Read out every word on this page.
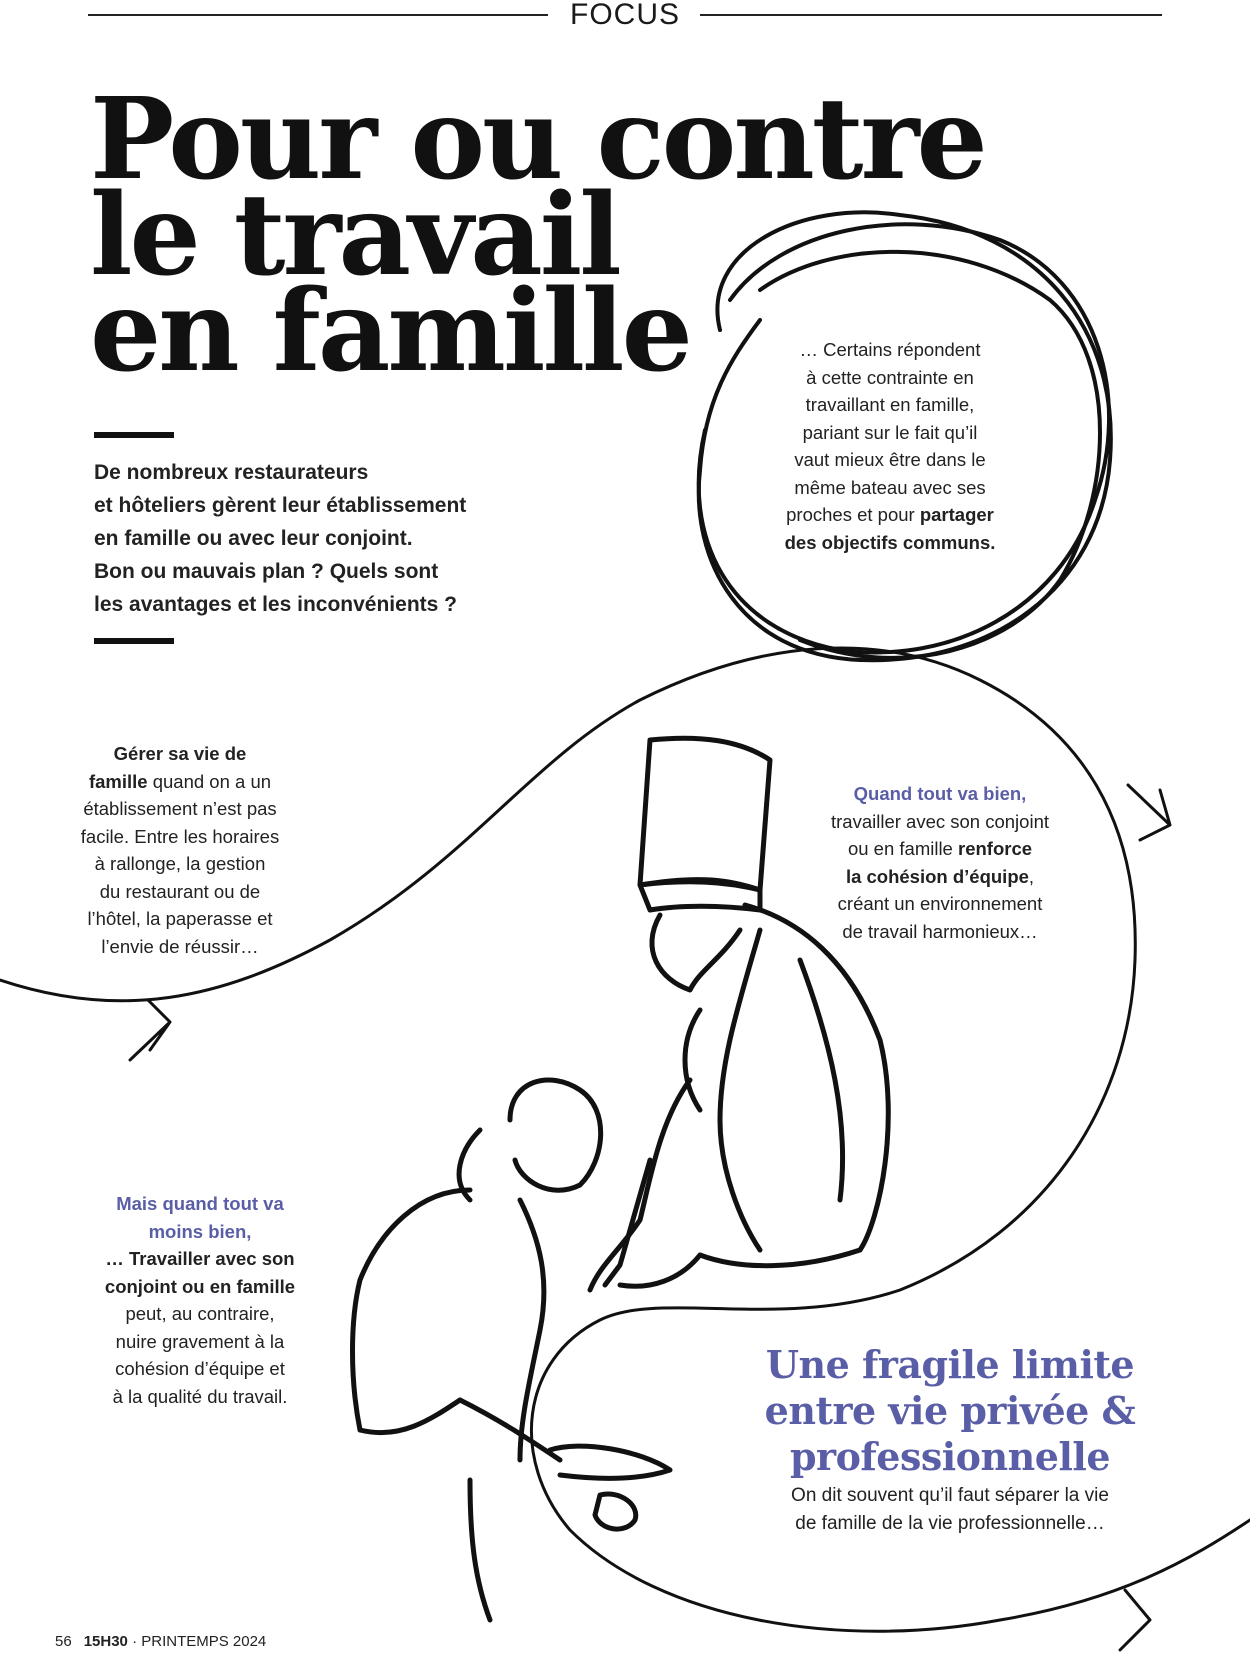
FOCUS
Pour ou contre
le travail
en famille
De nombreux restaurateurs
et hôteliers gèrent leur établissement
en famille ou avec leur conjoint.
Bon ou mauvais plan ? Quels sont
les avantages et les inconvénients ?
… Certains répondent
à cette contrainte en
travaillant en famille,
pariant sur le fait qu’il
vaut mieux être dans le
même bateau avec ses
proches et pour partager
des objectifs communs.
Gérer sa vie de
famille quand on a un
établissement n’est pas
facile. Entre les horaires
à rallonge, la gestion
du restaurant ou de
l’hôtel, la paperasse et
l’envie de réussir…
Quand tout va bien,
travailler avec son conjoint
ou en famille renforce
la cohésion d’équipe,
créant un environnement
de travail harmonieux…
Mais quand tout va
moins bien,
… Travailler avec son
conjoint ou en famille
peut, au contraire,
nuire gravement à la
cohésion d’équipe et
à la qualité du travail.
Une fragile limite
entre vie privée &
professionnelle
On dit souvent qu’il faut séparer la vie
de famille de la vie professionnelle…
56 15H30 · PRINTEMPS 2024
